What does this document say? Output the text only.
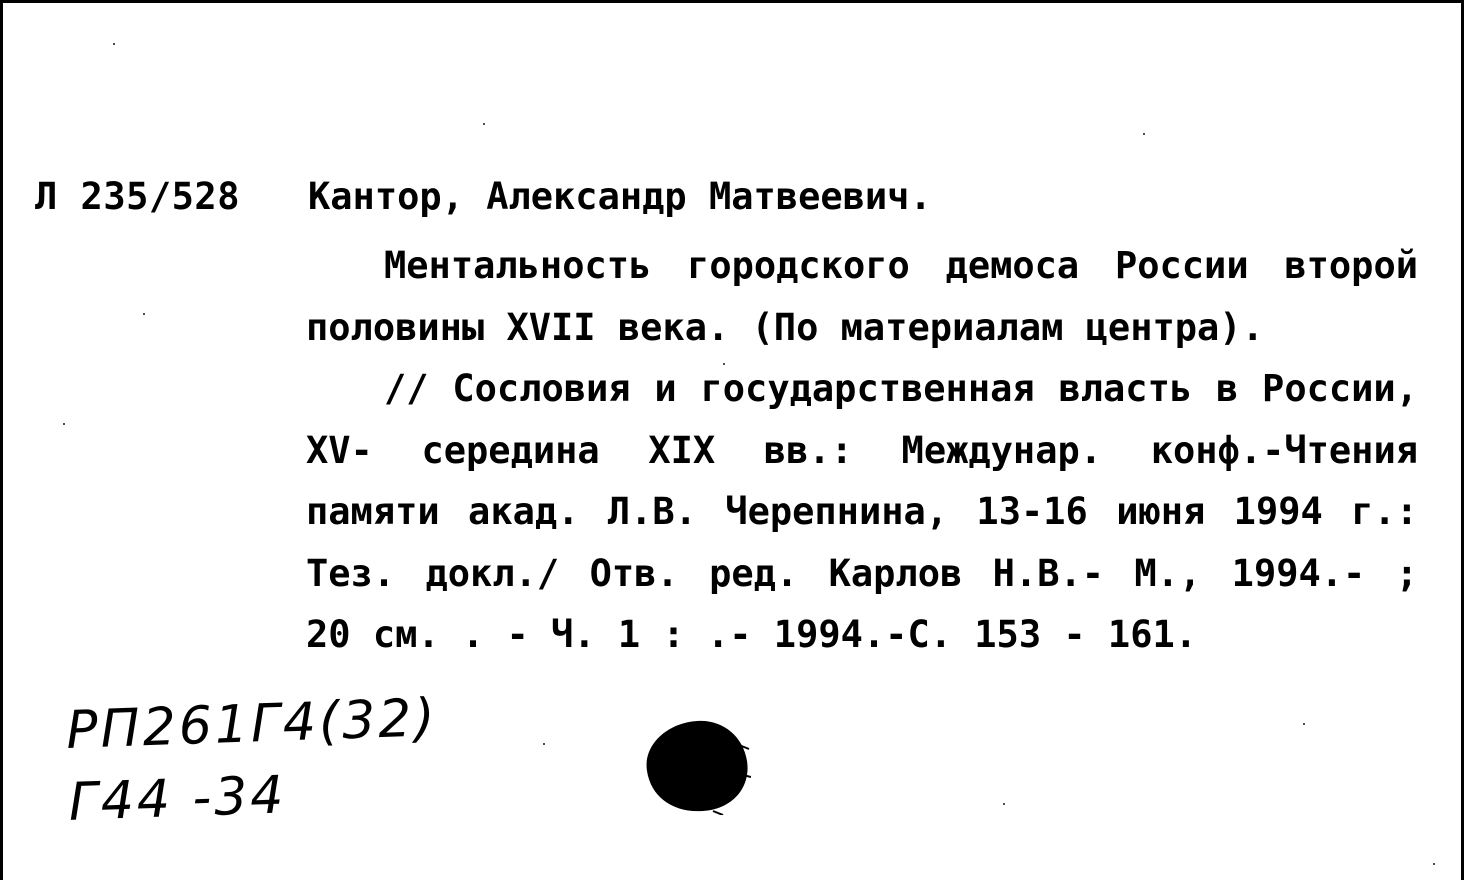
Л 235/528 Кантор, Александр Матвеевич.

Ментальность городского демоса России второй половины XVII века. (По материалам центра).

// Сословия и государственная власть в России, XV- середина XIX вв.: Междунар. конф.-Чтения памяти акад. Л.В. Черепнина, 13-16 июня 1994 г.: Тез. докл./ Отв. ред. Карлов Н.В.- М., 1994.- ; 20 см. . - Ч. 1 : .- 1994.-С. 153 - 161.

РП261Г4(32)
Г44 -34
